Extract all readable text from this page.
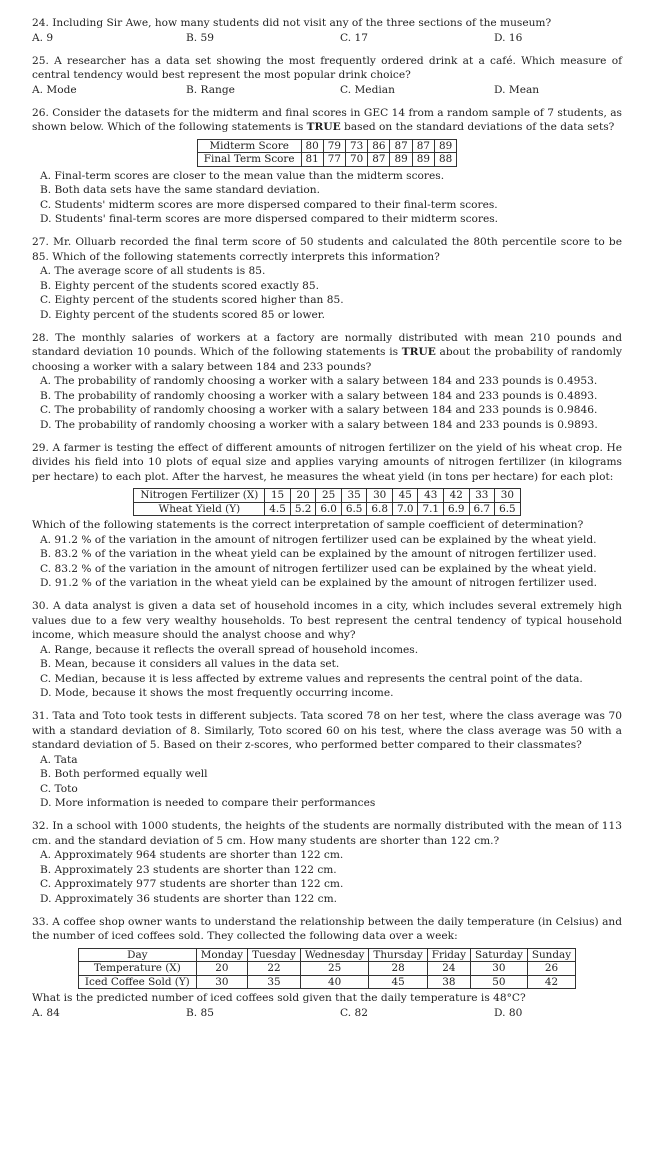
24. Including Sir Awe, how many students did not visit any of the three sections of the museum?
A. 9	B. 59	C. 17	D. 16
25. A researcher has a data set showing the most frequently ordered drink at a café. Which measure of central tendency would best represent the most popular drink choice?
A. Mode	B. Range	C. Median	D. Mean
26. Consider the datasets for the midterm and final scores in GEC 14 from a random sample of 7 students, as shown below. Which of the following statements is TRUE based on the standard deviations of the data sets?
Midterm Score	80	79	73	86	87	87	89
Final Term Score	81	77	70	87	89	89	88
A. Final-term scores are closer to the mean value than the midterm scores.
B. Both data sets have the same standard deviation.
C. Students' midterm scores are more dispersed compared to their final-term scores.
D. Students' final-term scores are more dispersed compared to their midterm scores.
27. Mr. Olluarb recorded the final term score of 50 students and calculated the 80th percentile score to be 85. Which of the following statements correctly interprets this information?
A. The average score of all students is 85.
B. Eighty percent of the students scored exactly 85.
C. Eighty percent of the students scored higher than 85.
D. Eighty percent of the students scored 85 or lower.
28. The monthly salaries of workers at a factory are normally distributed with mean 210 pounds and standard deviation 10 pounds. Which of the following statements is TRUE about the probability of randomly choosing a worker with a salary between 184 and 233 pounds?
A. The probability of randomly choosing a worker with a salary between 184 and 233 pounds is 0.4953.
B. The probability of randomly choosing a worker with a salary between 184 and 233 pounds is 0.4893.
C. The probability of randomly choosing a worker with a salary between 184 and 233 pounds is 0.9846.
D. The probability of randomly choosing a worker with a salary between 184 and 233 pounds is 0.9893.
29. A farmer is testing the effect of different amounts of nitrogen fertilizer on the yield of his wheat crop. He divides his field into 10 plots of equal size and applies varying amounts of nitrogen fertilizer (in kilograms per hectare) to each plot. After the harvest, he measures the wheat yield (in tons per hectare) for each plot:
Nitrogen Fertilizer (X)	15	20	25	35	30	45	43	42	33	30
Wheat Yield (Y)	4.5	5.2	6.0	6.5	6.8	7.0	7.1	6.9	6.7	6.5
Which of the following statements is the correct interpretation of sample coefficient of determination?
A. 91.2 % of the variation in the amount of nitrogen fertilizer used can be explained by the wheat yield.
B. 83.2 % of the variation in the wheat yield can be explained by the amount of nitrogen fertilizer used.
C. 83.2 % of the variation in the amount of nitrogen fertilizer used can be explained by the wheat yield.
D. 91.2 % of the variation in the wheat yield can be explained by the amount of nitrogen fertilizer used.
30. A data analyst is given a data set of household incomes in a city, which includes several extremely high values due to a few very wealthy households. To best represent the central tendency of typical household income, which measure should the analyst choose and why?
A. Range, because it reflects the overall spread of household incomes.
B. Mean, because it considers all values in the data set.
C. Median, because it is less affected by extreme values and represents the central point of the data.
D. Mode, because it shows the most frequently occurring income.
31. Tata and Toto took tests in different subjects. Tata scored 78 on her test, where the class average was 70 with a standard deviation of 8. Similarly, Toto scored 60 on his test, where the class average was 50 with a standard deviation of 5. Based on their z-scores, who performed better compared to their classmates?
A. Tata
B. Both performed equally well
C. Toto
D. More information is needed to compare their performances
32. In a school with 1000 students, the heights of the students are normally distributed with the mean of 113 cm. and the standard deviation of 5 cm. How many students are shorter than 122 cm.?
A. Approximately 964 students are shorter than 122 cm.
B. Approximately 23 students are shorter than 122 cm.
C. Approximately 977 students are shorter than 122 cm.
D. Approximately 36 students are shorter than 122 cm.
33. A coffee shop owner wants to understand the relationship between the daily temperature (in Celsius) and the number of iced coffees sold. They collected the following data over a week:
Day	Monday	Tuesday	Wednesday	Thursday	Friday	Saturday	Sunday
Temperature (X)	20	22	25	28	24	30	26
Iced Coffee Sold (Y)	30	35	40	45	38	50	42
What is the predicted number of iced coffees sold given that the daily temperature is 48°C?
A. 84	B. 85	C. 82	D. 80
